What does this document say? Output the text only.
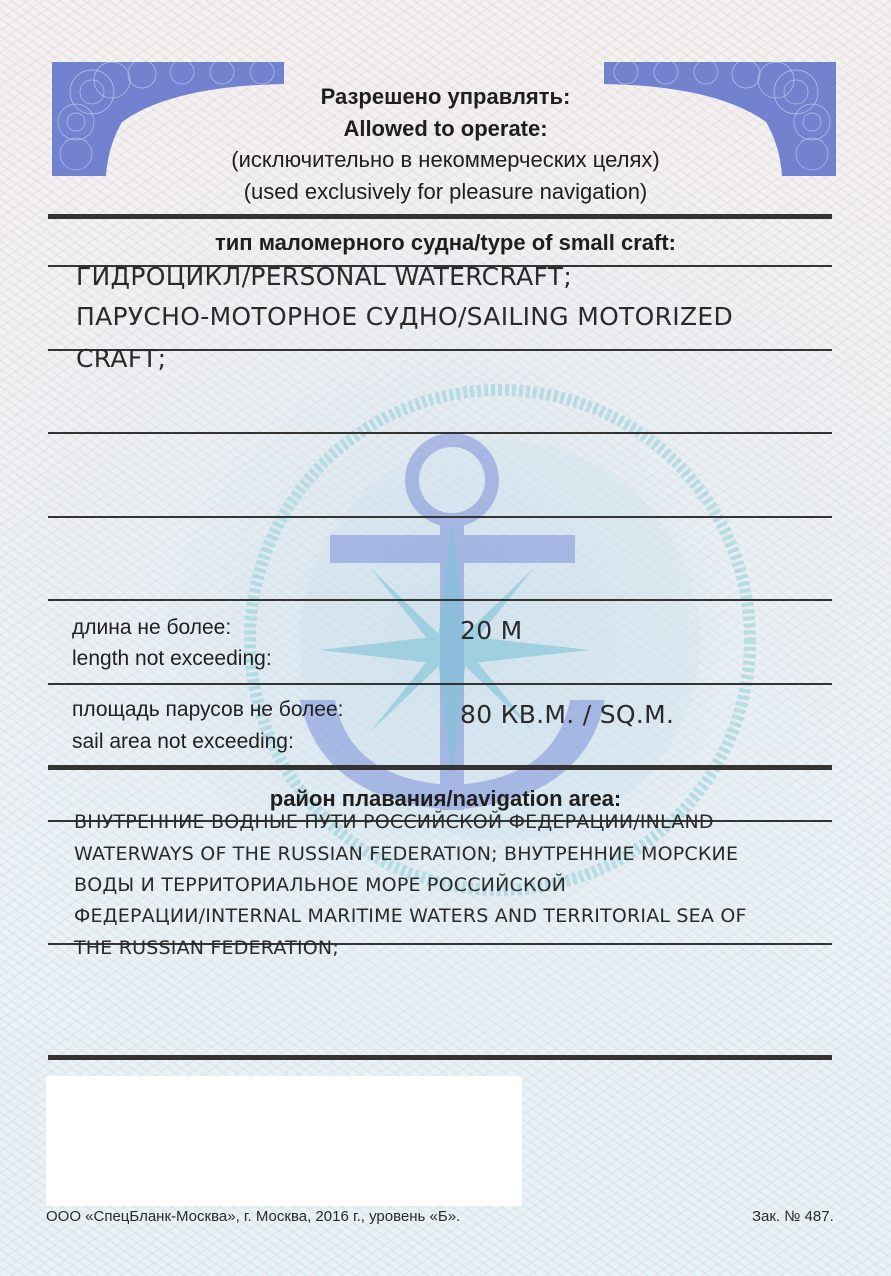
Разрешено управлять:
Allowed to operate:
(исключительно в некоммерческих целях)
(used exclusively for pleasure navigation)
тип маломерного судна/type of small craft:
ГИДРОЦИКЛ/PERSONAL WATERCRAFT;
ПАРУСНО-МОТОРНОЕ СУДНО/SAILING MOTORIZED
CRAFT;
длина не более:
length not exceeding:
20 М
площадь парусов не более:
sail area not exceeding:
80 КВ.М. / SQ.M.
район плавания/navigation area:
ВНУТРЕННИЕ ВОДНЫЕ ПУТИ РОССИЙСКОЙ ФЕДЕРАЦИИ/INLAND
WATERWAYS OF THE RUSSIAN FEDERATION; ВНУТРЕННИЕ МОРСКИЕ
ВОДЫ И ТЕРРИТОРИАЛЬНОЕ МОРЕ РОССИЙСКОЙ
ФЕДЕРАЦИИ/INTERNAL MARITIME WATERS AND TERRITORIAL SEA OF
THE RUSSIAN FEDERATION;
ООО «СпецБланк-Москва», г. Москва, 2016 г., уровень «Б».	Зак. № 487.
